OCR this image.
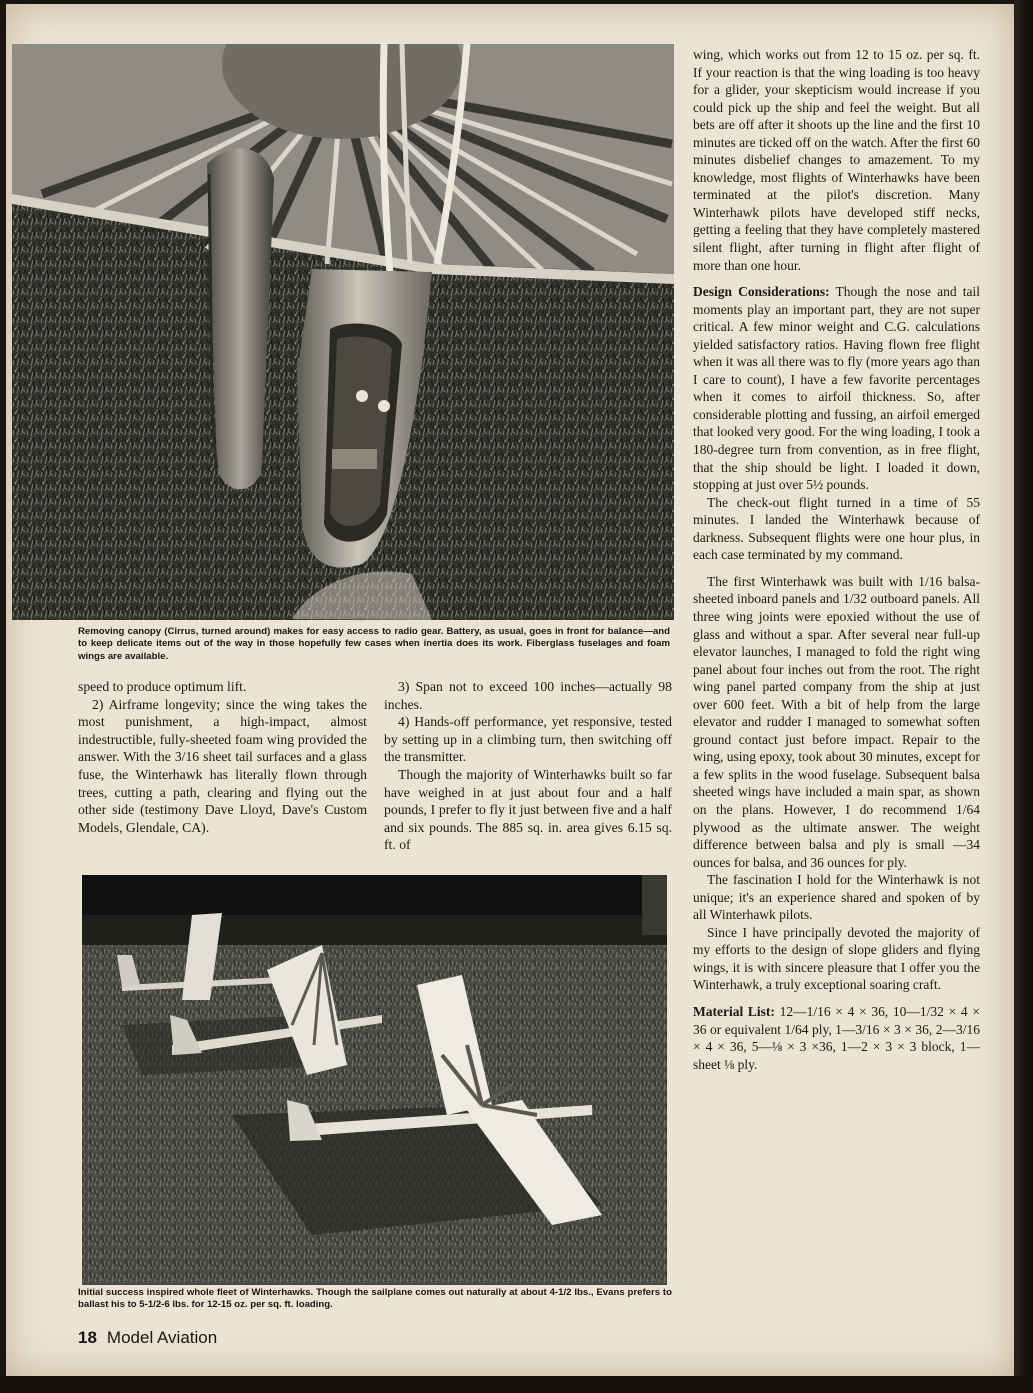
Removing canopy (Cirrus, turned around) makes for easy access to radio gear. Battery, as usual, goes in front for balance—and to keep delicate items out of the way in those hopefully few cases when inertia does its work. Fiberglass fuselages and foam wings are available.

speed to produce optimum lift.

2) Airframe longevity; since the wing takes the most punishment, a high-impact, almost indestructible, fully-sheeted foam wing provided the answer. With the 3/16 sheet tail surfaces and a glass fuse, the Winterhawk has literally flown through trees, cutting a path, clearing and flying out the other side (testimony Dave Lloyd, Dave's Custom Models, Glendale, CA).

3) Span not to exceed 100 inches—actually 98 inches.

4) Hands-off performance, yet responsive, tested by setting up in a climbing turn, then switching off the transmitter.

Though the majority of Winterhawks built so far have weighed in at just about four and a half pounds, I prefer to fly it just between five and a half and six pounds. The 885 sq. in. area gives 6.15 sq. ft. of

wing, which works out from 12 to 15 oz. per sq. ft. If your reaction is that the wing loading is too heavy for a glider, your skepticism would increase if you could pick up the ship and feel the weight. But all bets are off after it shoots up the line and the first 10 minutes are ticked off on the watch. After the first 60 minutes disbelief changes to amazement. To my knowledge, most flights of Winterhawks have been terminated at the pilot's discretion. Many Winterhawk pilots have developed stiff necks, getting a feeling that they have completely mastered silent flight, after turning in flight after flight of more than one hour.

Design Considerations: Though the nose and tail moments play an important part, they are not super critical. A few minor weight and C.G. calculations yielded satisfactory ratios. Having flown free flight when it was all there was to fly (more years ago than I care to count), I have a few favorite percentages when it comes to airfoil thickness. So, after considerable plotting and fussing, an airfoil emerged that looked very good. For the wing loading, I took a 180-degree turn from convention, as in free flight, that the ship should be light. I loaded it down, stopping at just over 5½ pounds.

The check-out flight turned in a time of 55 minutes. I landed the Winterhawk because of darkness. Subsequent flights were one hour plus, in each case terminated by my command.

The first Winterhawk was built with 1/16 balsa-sheeted inboard panels and 1/32 outboard panels. All three wing joints were epoxied without the use of glass and without a spar. After several near full-up elevator launches, I managed to fold the right wing panel about four inches out from the root. The right wing panel parted company from the ship at just over 600 feet. With a bit of help from the large elevator and rudder I managed to somewhat soften ground contact just before impact. Repair to the wing, using epoxy, took about 30 minutes, except for a few splits in the wood fuselage. Subsequent balsa sheeted wings have included a main spar, as shown on the plans. However, I do recommend 1/64 plywood as the ultimate answer. The weight difference between balsa and ply is small —34 ounces for balsa, and 36 ounces for ply.

The fascination I hold for the Winterhawk is not unique; it's an experience shared and spoken of by all Winterhawk pilots.

Since I have principally devoted the majority of my efforts to the design of slope gliders and flying wings, it is with sincere pleasure that I offer you the Winterhawk, a truly exceptional soaring craft.

Material List: 12—1/16 × 4 × 36, 10—1/32 × 4 × 36 or equivalent 1/64 ply, 1—3/16 × 3 × 36, 2—3/16 × 4 × 36, 5—⅛ × 3 ×36, 1—2 × 3 × 3 block, 1—sheet ⅛ ply.

Initial success inspired whole fleet of Winterhawks. Though the sailplane comes out naturally at about 4-1/2 lbs., Evans prefers to ballast his to 5-1/2-6 lbs. for 12-15 oz. per sq. ft. loading.
18 Model Aviation
